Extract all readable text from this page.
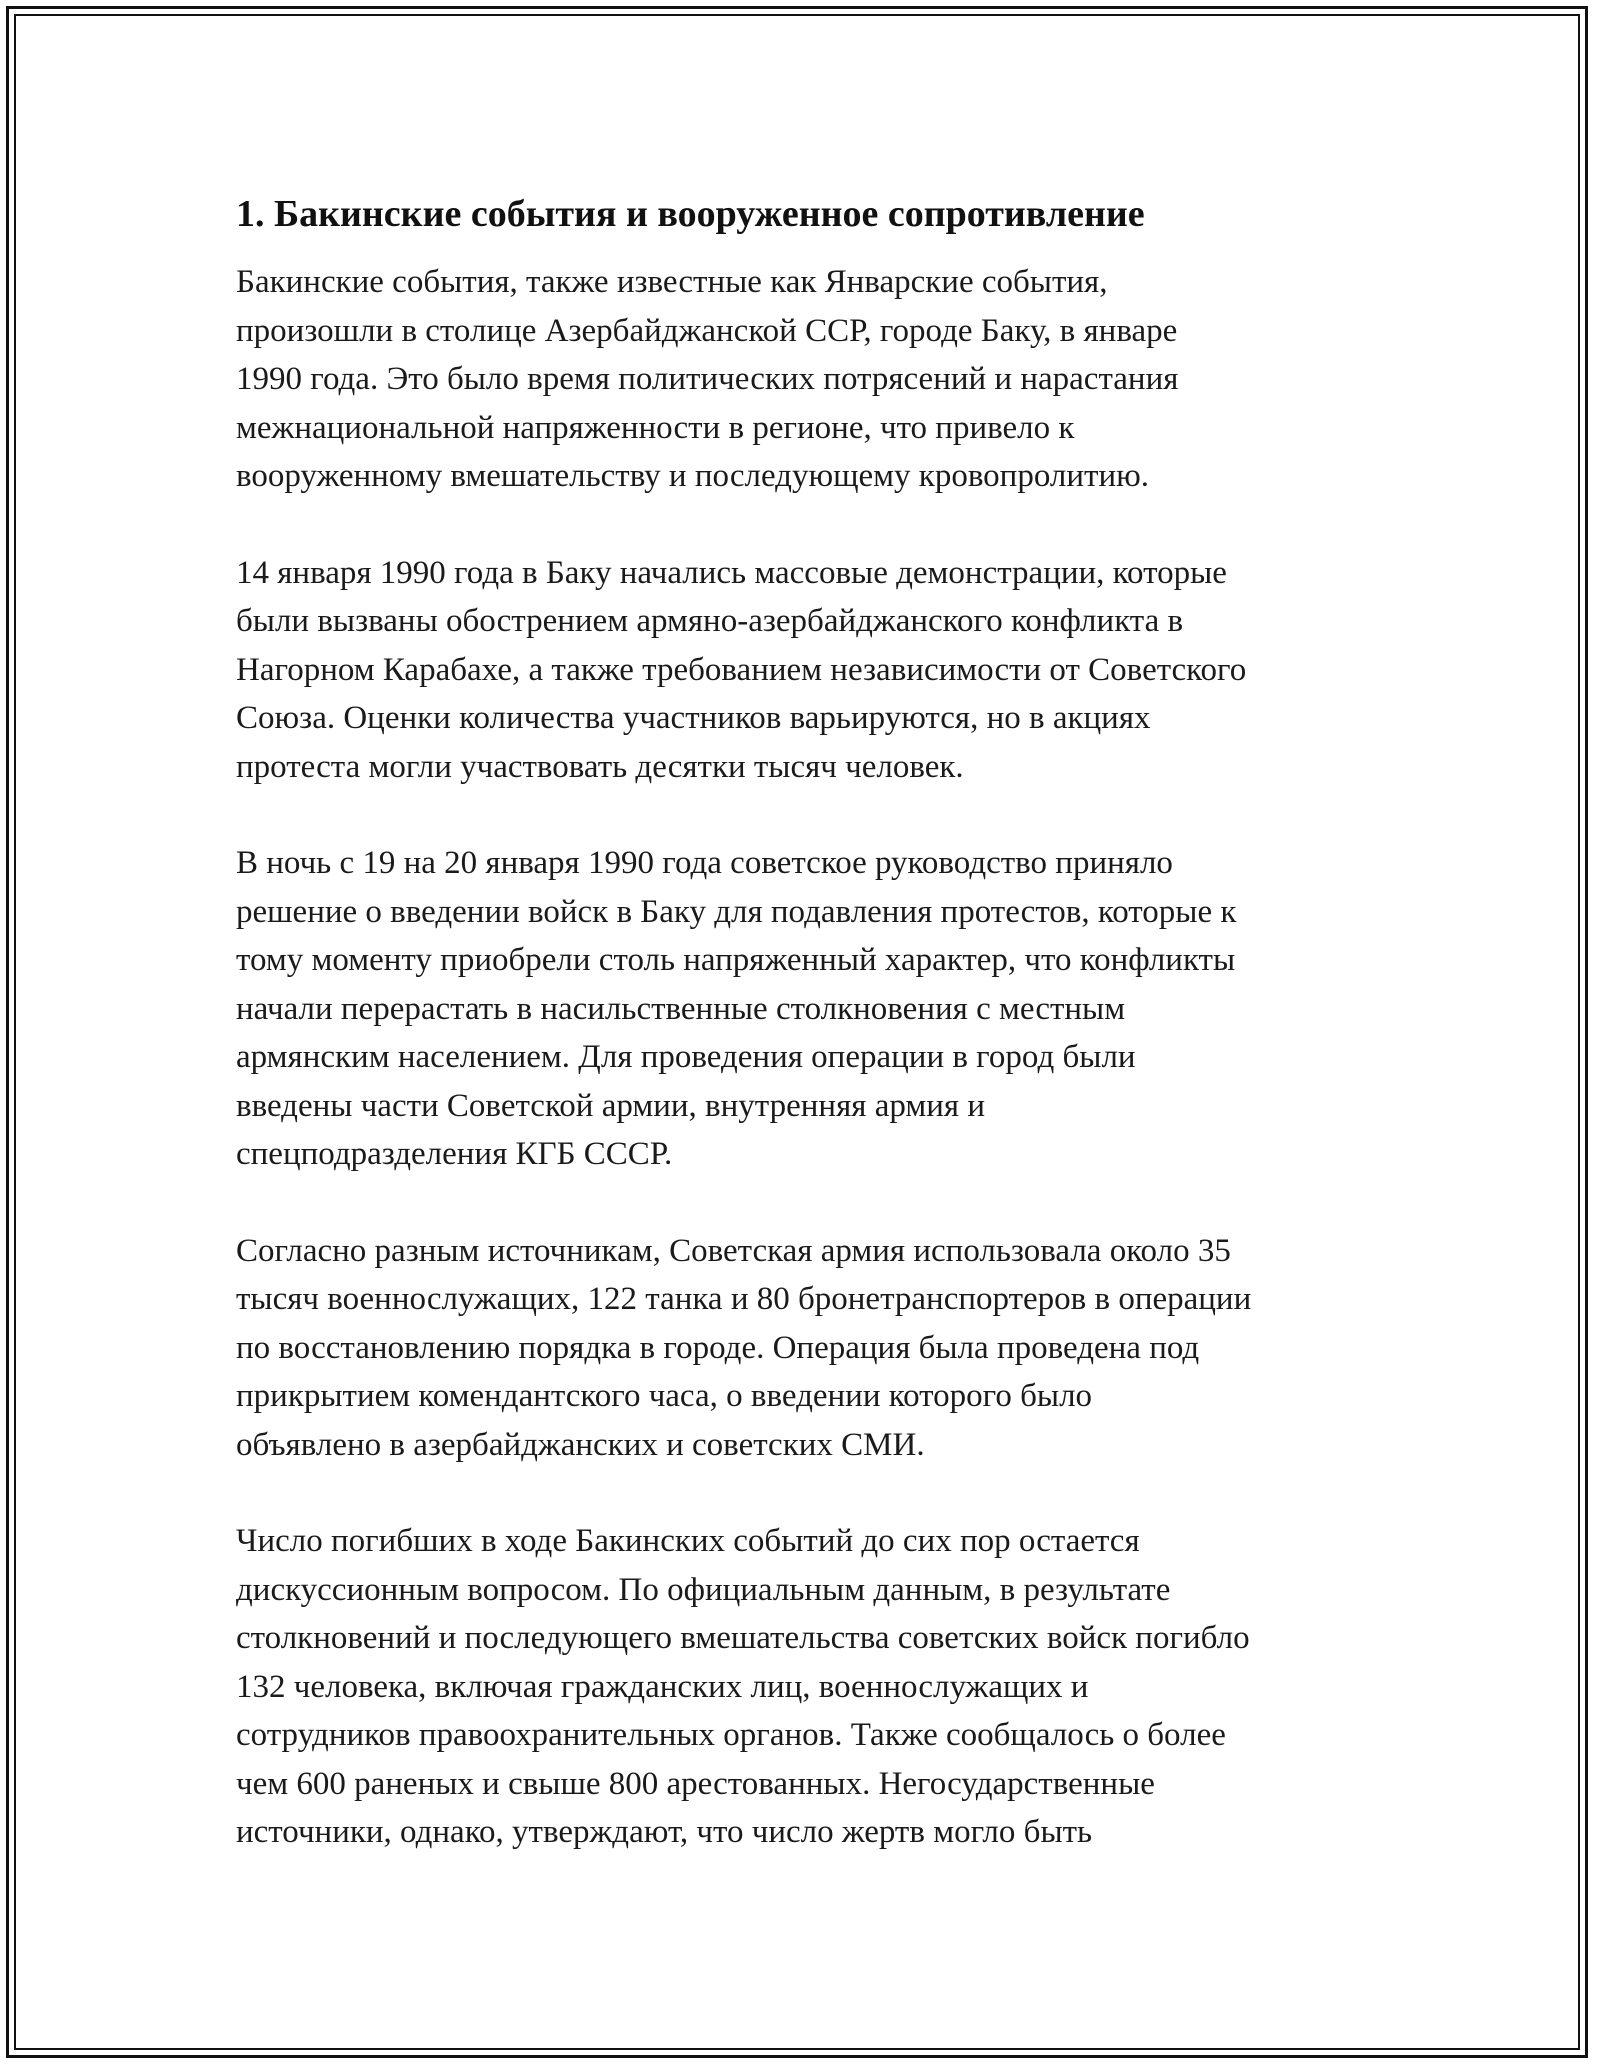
1. Бакинские события и вооруженное сопротивление

Бакинские события, также известные как Январские события,
произошли в столице Азербайджанской ССР, городе Баку, в январе
1990 года. Это было время политических потрясений и нарастания
межнациональной напряженности в регионе, что привело к
вооруженному вмешательству и последующему кровопролитию.

14 января 1990 года в Баку начались массовые демонстрации, которые
были вызваны обострением армяно-азербайджанского конфликта в
Нагорном Карабахе, а также требованием независимости от Советского
Союза. Оценки количества участников варьируются, но в акциях
протеста могли участвовать десятки тысяч человек.

В ночь с 19 на 20 января 1990 года советское руководство приняло
решение о введении войск в Баку для подавления протестов, которые к
тому моменту приобрели столь напряженный характер, что конфликты
начали перерастать в насильственные столкновения с местным
армянским населением. Для проведения операции в город были
введены части Советской армии, внутренняя армия и
спецподразделения КГБ СССР.

Согласно разным источникам, Советская армия использовала около 35
тысяч военнослужащих, 122 танка и 80 бронетранспортеров в операции
по восстановлению порядка в городе. Операция была проведена под
прикрытием комендантского часа, о введении которого было
объявлено в азербайджанских и советских СМИ.

Число погибших в ходе Бакинских событий до сих пор остается
дискуссионным вопросом. По официальным данным, в результате
столкновений и последующего вмешательства советских войск погибло
132 человека, включая гражданских лиц, военнослужащих и
сотрудников правоохранительных органов. Также сообщалось о более
чем 600 раненых и свыше 800 арестованных. Негосударственные
источники, однако, утверждают, что число жертв могло быть
